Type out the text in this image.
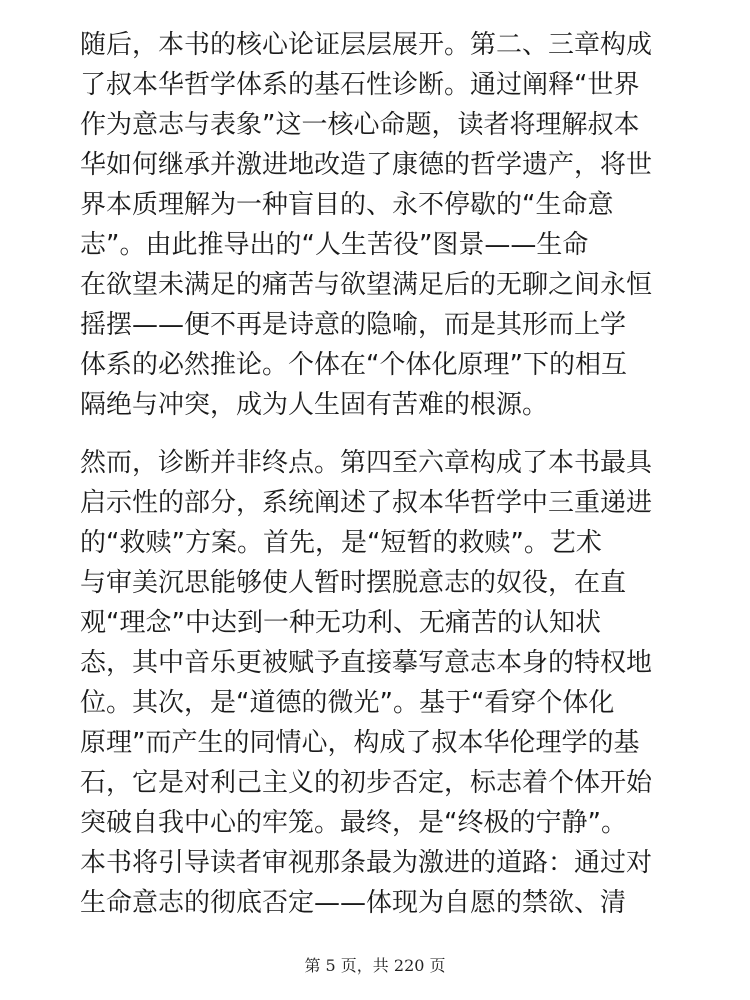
随后，本书的核心论证层层展开。第二、三章构成
了叔本华哲学体系的基石性诊断。通过阐释“世界
作为意志与表象”这一核心命题，读者将理解叔本
华如何继承并激进地改造了康德的哲学遗产，将世
界本质理解为一种盲目的、永不停歇的“生命意
志”。由此推导出的“人生苦役”图景——生命
在欲望未满足的痛苦与欲望满足后的无聊之间永恒
摇摆——便不再是诗意的隐喻，而是其形而上学
体系的必然推论。个体在“个体化原理”下的相互
隔绝与冲突，成为人生固有苦难的根源。

然而，诊断并非终点。第四至六章构成了本书最具
启示性的部分，系统阐述了叔本华哲学中三重递进
的“救赎”方案。首先，是“短暂的救赎”。艺术
与审美沉思能够使人暂时摆脱意志的奴役，在直
观“理念”中达到一种无功利、无痛苦的认知状
态，其中音乐更被赋予直接摹写意志本身的特权地
位。其次，是“道德的微光”。基于“看穿个体化
原理”而产生的同情心，构成了叔本华伦理学的基
石，它是对利己主义的初步否定，标志着个体开始
突破自我中心的牢笼。最终，是“终极的宁静”。
本书将引导读者审视那条最为激进的道路：通过对
生命意志的彻底否定——体现为自愿的禁欲、清

第 5 页，共 220 页
